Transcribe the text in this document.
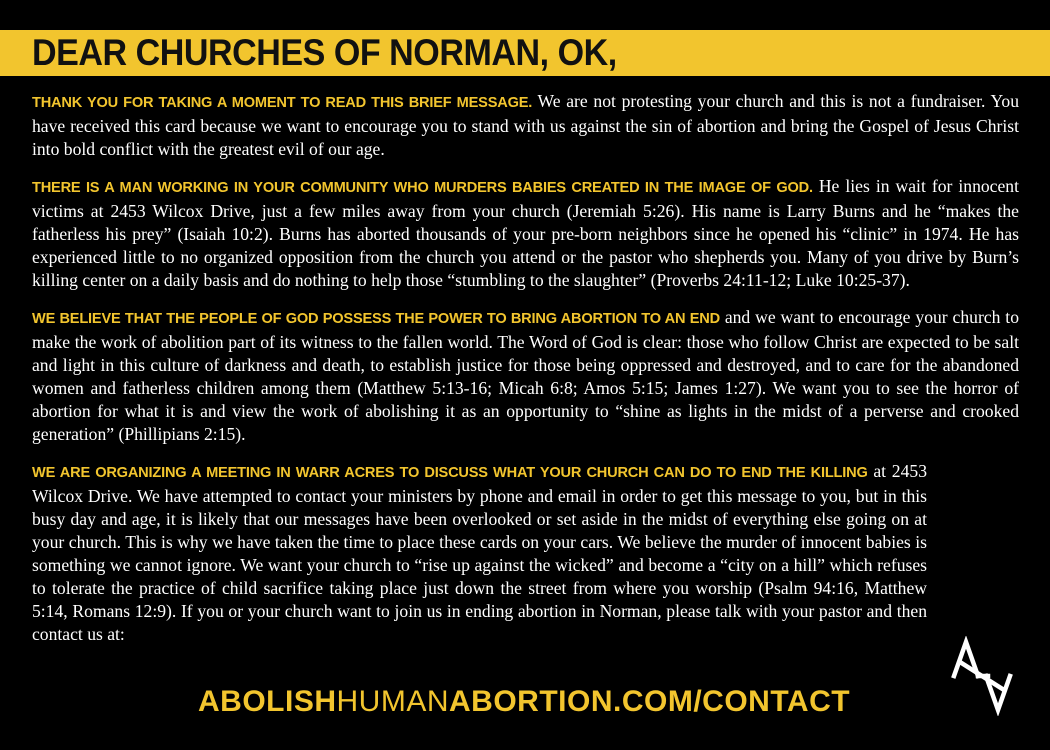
DEAR CHURCHES OF NORMAN, OK,

THANK YOU FOR TAKING A MOMENT TO READ THIS BRIEF MESSAGE. We are not protesting your church and this is not a fundraiser. You have received this card because we want to encourage you to stand with us against the sin of abortion and bring the Gospel of Jesus Christ into bold conflict with the greatest evil of our age.

THERE IS A MAN WORKING IN YOUR COMMUNITY WHO MURDERS BABIES CREATED IN THE IMAGE OF GOD. He lies in wait for innocent victims at 2453 Wilcox Drive, just a few miles away from your church (Jeremiah 5:26). His name is Larry Burns and he “makes the fatherless his prey” (Isaiah 10:2). Burns has aborted thousands of your pre-born neighbors since he opened his “clinic” in 1974. He has experienced little to no organized opposition from the church you attend or the pastor who shepherds you. Many of you drive by Burn’s killing center on a daily basis and do nothing to help those “stumbling to the slaughter” (Proverbs 24:11-12; Luke 10:25-37).

WE BELIEVE THAT THE PEOPLE OF GOD POSSESS THE POWER TO BRING ABORTION TO AN END and we want to encourage your church to make the work of abolition part of its witness to the fallen world. The Word of God is clear: those who follow Christ are expected to be salt and light in this culture of darkness and death, to establish justice for those being oppressed and destroyed, and to care for the abandoned women and fatherless children among them (Matthew 5:13-16; Micah 6:8; Amos 5:15; James 1:27). We want you to see the horror of abortion for what it is and view the work of abolishing it as an opportunity to “shine as lights in the midst of a perverse and crooked generation” (Phillipians 2:15).

WE ARE ORGANIZING A MEETING IN WARR ACRES TO DISCUSS WHAT YOUR CHURCH CAN DO TO END THE KILLING at 2453 Wilcox Drive. We have attempted to contact your ministers by phone and email in order to get this message to you, but in this busy day and age, it is likely that our messages have been overlooked or set aside in the midst of everything else going on at your church. This is why we have taken the time to place these cards on your cars. We believe the murder of innocent babies is something we cannot ignore. We want your church to “rise up against the wicked” and become a “city on a hill” which refuses to tolerate the practice of child sacrifice taking place just down the street from where you worship (Psalm 94:16, Matthew 5:14, Romans 12:9). If you or your church want to join us in ending abortion in Norman, please talk with your pastor and then contact us at:

ABOLISHHUMANABORTION.COM/CONTACT
